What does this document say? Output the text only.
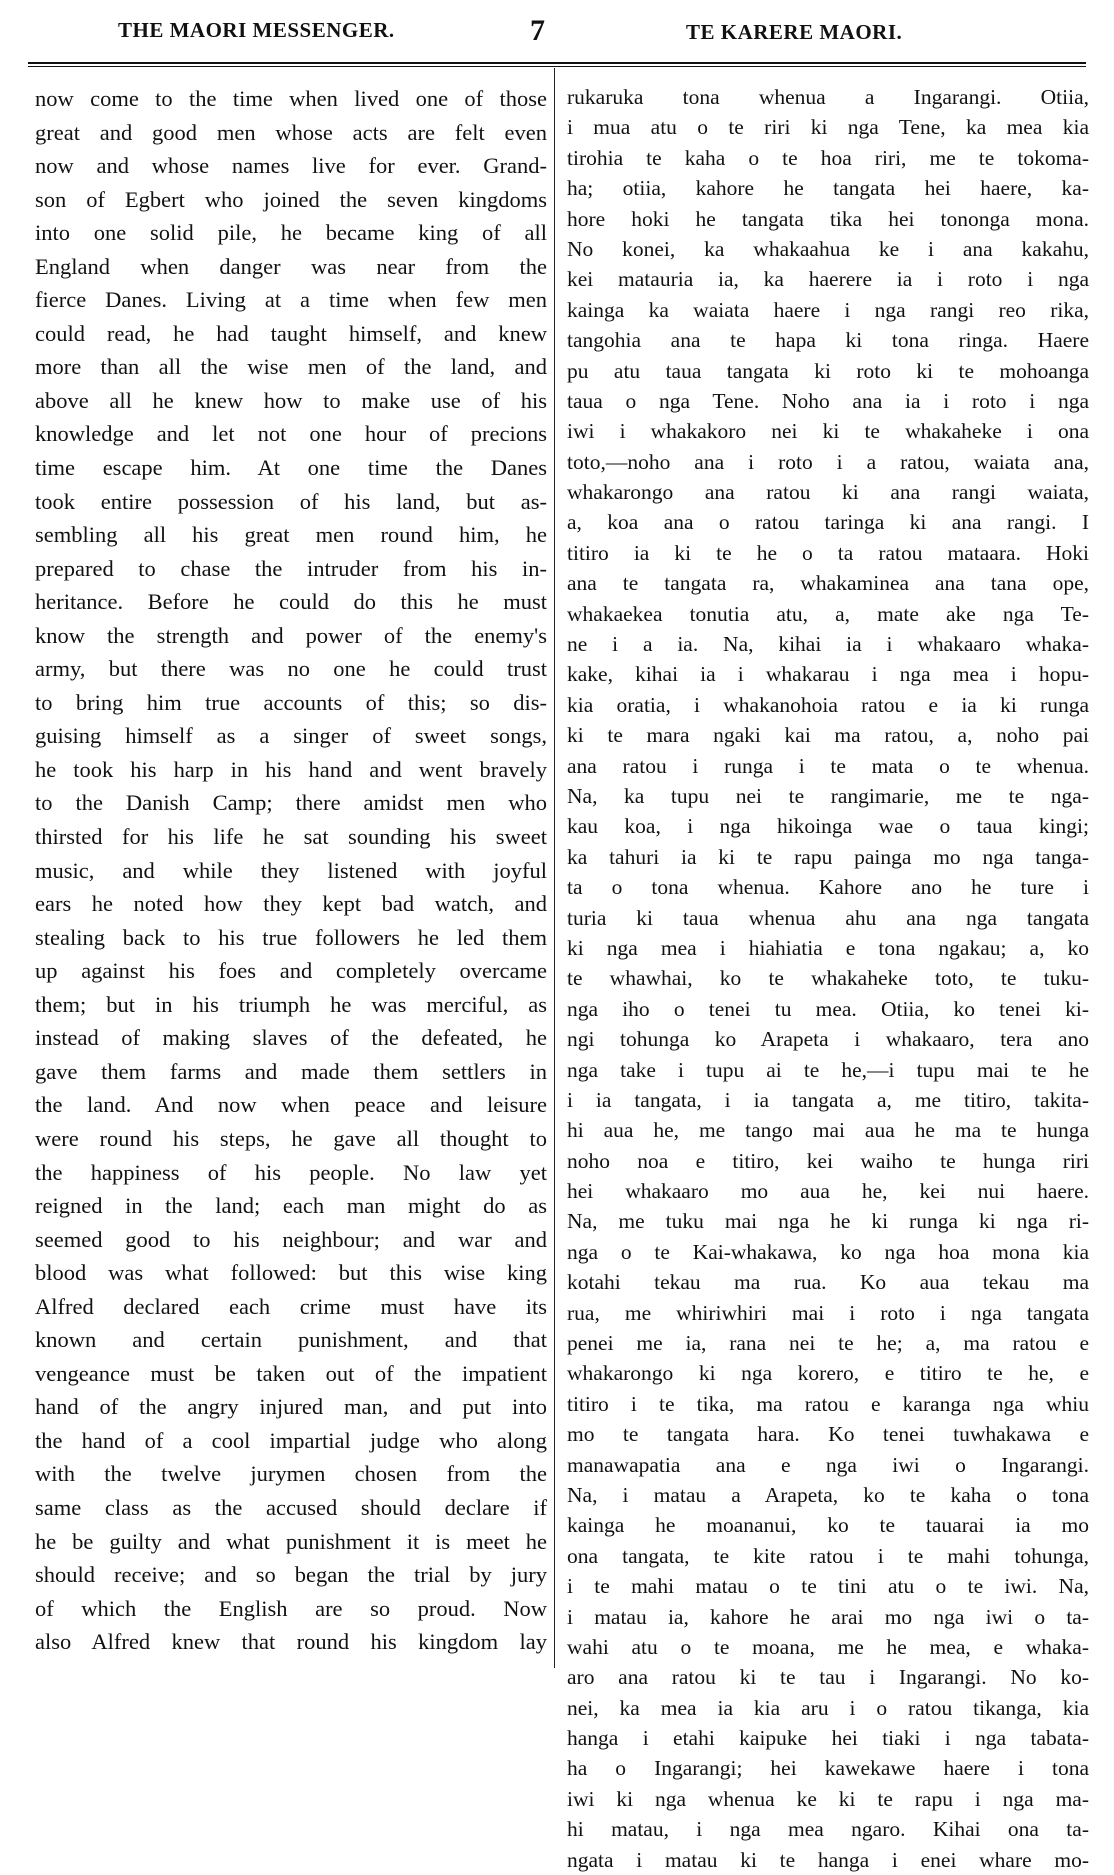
THE MAORI MESSENGER.	7	TE KARERE MAORI.
now come to the time when lived one of those
great and good men whose acts are felt even
now and whose names live for ever. Grand-
son of Egbert who joined the seven kingdoms
into one solid pile, he became king of all
England when danger was near from the
fierce Danes. Living at a time when few men
could read, he had taught himself, and knew
more than all the wise men of the land, and
above all he knew how to make use of his
knowledge and let not one hour of precions
time escape him. At one time the Danes
took entire possession of his land, but as-
sembling all his great men round him, he
prepared to chase the intruder from his in-
heritance. Before he could do this he must
know the strength and power of the enemy's
army, but there was no one he could trust
to bring him true accounts of this; so dis-
guising himself as a singer of sweet songs,
he took his harp in his hand and went bravely
to the Danish Camp; there amidst men who
thirsted for his life he sat sounding his sweet
music, and while they listened with joyful
ears he noted how they kept bad watch, and
stealing back to his true followers he led them
up against his foes and completely overcame
them; but in his triumph he was merciful, as
instead of making slaves of the defeated, he
gave them farms and made them settlers in
the land. And now when peace and leisure
were round his steps, he gave all thought to
the happiness of his people. No law yet
reigned in the land; each man might do as
seemed good to his neighbour; and war and
blood was what followed: but this wise king
Alfred declared each crime must have its
known and certain punishment, and that
vengeance must be taken out of the impatient
hand of the angry injured man, and put into
the hand of a cool impartial judge who along
with the twelve jurymen chosen from the
same class as the accused should declare if
he be guilty and what punishment it is meet he
should receive; and so began the trial by jury
of which the English are so proud. Now
also Alfred knew that round his kingdom lay
rukaruka tona whenua a Ingarangi. Otiia,
i mua atu o te riri ki nga Tene, ka mea kia
tirohia te kaha o te hoa riri, me te tokoma-
ha; otiia, kahore he tangata hei haere, ka-
hore hoki he tangata tika hei tononga mona.
No konei, ka whakaahua ke i ana kakahu,
kei matauria ia, ka haerere ia i roto i nga
kainga ka waiata haere i nga rangi reo rika,
tangohia ana te hapa ki tona ringa. Haere
pu atu taua tangata ki roto ki te mohoanga
taua o nga Tene. Noho ana ia i roto i nga
iwi i whakakoro nei ki te whakaheke i ona
toto,—noho ana i roto i a ratou, waiata ana,
whakarongo ana ratou ki ana rangi waiata,
a, koa ana o ratou taringa ki ana rangi. I
titiro ia ki te he o ta ratou mataara. Hoki
ana te tangata ra, whakaminea ana tana ope,
whakaekea tonutia atu, a, mate ake nga Te-
ne i a ia. Na, kihai ia i whakaaro whaka-
kake, kihai ia i whakarau i nga mea i hopu-
kia oratia, i whakanohoia ratou e ia ki runga
ki te mara ngaki kai ma ratou, a, noho pai
ana ratou i runga i te mata o te whenua.
Na, ka tupu nei te rangimarie, me te nga-
kau koa, i nga hikoinga wae o taua kingi;
ka tahuri ia ki te rapu painga mo nga tanga-
ta o tona whenua. Kahore ano he ture i
turia ki taua whenua ahu ana nga tangata
ki nga mea i hiahiatia e tona ngakau; a, ko
te whawhai, ko te whakaheke toto, te tuku-
nga iho o tenei tu mea. Otiia, ko tenei ki-
ngi tohunga ko Arapeta i whakaaro, tera ano
nga take i tupu ai te he,—i tupu mai te he
i ia tangata, i ia tangata a, me titiro, takita-
hi aua he, me tango mai aua he ma te hunga
noho noa e titiro, kei waiho te hunga riri
hei whakaaro mo aua he, kei nui haere.
Na, me tuku mai nga he ki runga ki nga ri-
nga o te Kai-whakawa, ko nga hoa mona kia
kotahi tekau ma rua. Ko aua tekau ma
rua, me whiriwhiri mai i roto i nga tangata
penei me ia, rana nei te he; a, ma ratou e
whakarongo ki nga korero, e titiro te he, e
titiro i te tika, ma ratou e karanga nga whiu
mo te tangata hara. Ko tenei tuwhakawa e
manawapatia ana e nga iwi o Ingarangi.
Na, i matau a Arapeta, ko te kaha o tona
kainga he moananui, ko te tauarai ia mo
ona tangata, te kite ratou i te mahi tohunga,
i te mahi matau o te tini atu o te iwi. Na,
i matau ia, kahore he arai mo nga iwi o ta-
wahi atu o te moana, me he mea, e whaka-
aro ana ratou ki te tau i Ingarangi. No ko-
nei, ka mea ia kia aru i o ratou tikanga, kia
hanga i etahi kaipuke hei tiaki i nga tabata-
ha o Ingarangi; hei kawekawe haere i tona
iwi ki nga whenua ke ki te rapu i nga ma-
hi matau, i nga mea ngaro. Kihai ona ta-
ngata i matau ki te hanga i enei whare mo-
